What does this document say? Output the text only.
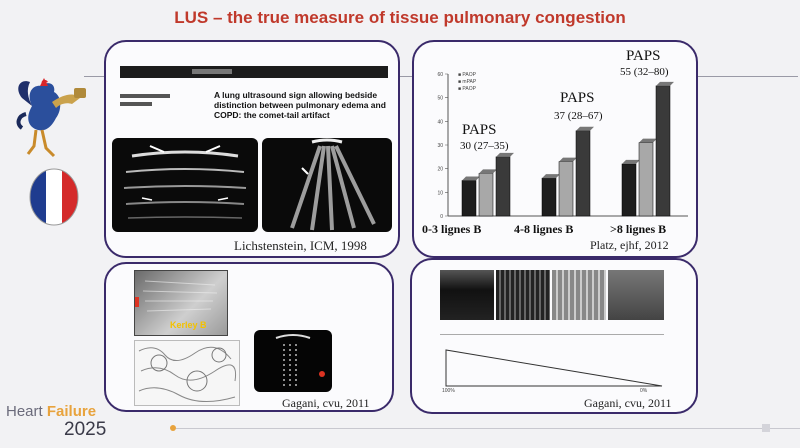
LUS – the true measure of tissue pulmonary congestion

A lung ultrasound sign allowing bedside distinction between pulmonary edema and COPD: the comet-tail artifact
Lichstenstein, ICM, 1998
0
10
20
30
40
50
60	■ PAOP
■ mPAP
■ PAOP
PAPS
30 (27–35)
PAPS
37 (28–67)
PAPS
55 (32–80)
0-3 lignes B	4-8 lignes B	>8 lignes B
Platz, ejhf, 2012
Kerley B
Gagani, cvu, 2011
100%	0%
Gagani, cvu, 2011
Heart Failure
2025
